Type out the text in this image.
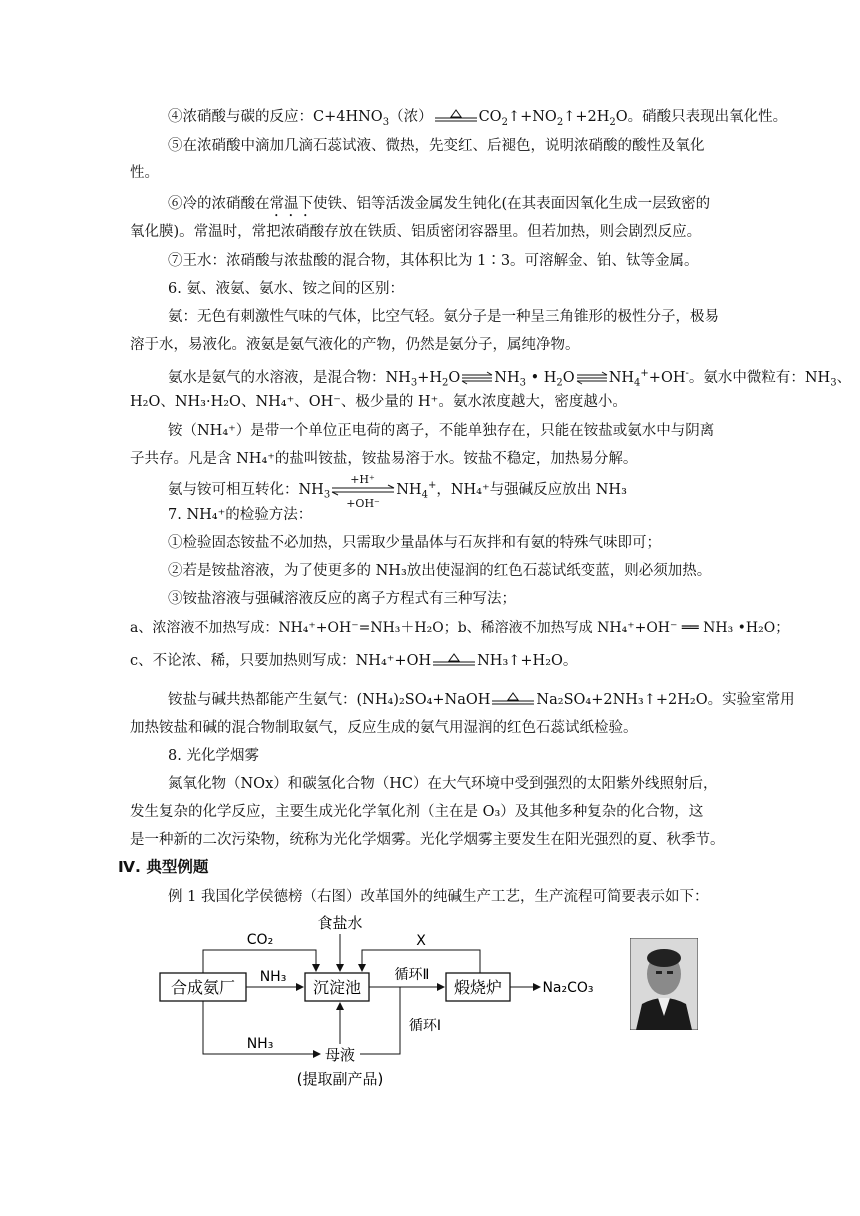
④浓硝酸与碳的反应：$C+4HNO_3$（浓）	$CO_2↑+NO_2↑+2H_2O$。硝酸只表现出氧化性。
⑤在浓硝酸中滴加几滴石蕊试液、微热，先变红、后褪色，说明浓硝酸的酸性及氧化
性。
⑥冷的浓硝酸在常温下使铁、铝等活泼金属发生钝化(在其表面因氧化生成一层致密的
氧化膜)。常温时，常把浓硝酸存放在铁质、铝质密闭容器里。但若加热，则会剧烈反应。
⑦王水：浓硝酸与浓盐酸的混合物，其体积比为 1∶3。可溶解金、铂、钛等金属。
6. 氨、液氨、氨水、铵之间的区别：
氨：无色有刺激性气味的气体，比空气轻。氨分子是一种呈三角锥形的极性分子，极易
溶于水，易液化。液氨是氨气液化的产物，仍然是氨分子，属纯净物。
氨水是氨气的水溶液，是混合物：$NH_3+H_2O$ $NH_3$ • $H_2O$ $NH_4^++OH^-$。氨水中微粒有：$NH_3$、
H₂O、NH₃·H₂O、NH₄⁺、OH⁻、极少量的 H⁺。氨水浓度越大，密度越小。
铵（NH₄⁺）是带一个单位正电荷的离子，不能单独存在，只能在铵盐或氨水中与阴离
子共存。凡是含 NH₄⁺的盐叫铵盐，铵盐易溶于水。铵盐不稳定，加热易分解。
氨与铵可相互转化：$NH_3$
+H⁺
+OH⁻
$NH_4^+$，NH₄⁺与强碱反应放出 NH₃
7. NH₄⁺的检验方法：
①检验固态铵盐不必加热，只需取少量晶体与石灰拌和有氨的特殊气味即可；
②若是铵盐溶液，为了使更多的 NH₃放出使湿润的红色石蕊试纸变蓝，则必须加热。
③铵盐溶液与强碱溶液反应的离子方程式有三种写法；
a、浓溶液不加热写成：NH₄⁺+OH⁻=NH₃＋H₂O；b、稀溶液不加热写成 NH₄⁺+OH⁻ ══ NH₃ •H₂O；
c、不论浓、稀，只要加热则写成：NH₄⁺+OH	NH₃↑+H₂O。
铵盐与碱共热都能产生氨气：(NH₄)₂SO₄+NaOH	Na₂SO₄+2NH₃↑+2H₂O。实验室常用
加热铵盐和碱的混合物制取氨气，反应生成的氨气用湿润的红色石蕊试纸检验。
8. 光化学烟雾
氮氧化物（NOx）和碳氢化合物（HC）在大气环境中受到强烈的太阳紫外线照射后，
发生复杂的化学反应，主要生成光化学氧化剂（主在是 O₃）及其他多种复杂的化合物，这
是一种新的二次污染物，统称为光化学烟雾。光化学烟雾主要发生在阳光强烈的夏、秋季节。
Ⅳ. 典型例题
例 1 我国化学侯德榜（右图）改革国外的纯碱生产工艺，生产流程可简要表示如下：
合成氨厂	沉淀池	煅烧炉
食盐水
CO₂
NH₃
X
循环Ⅱ
Na₂CO₃
NH₃
母液
(提取副产品)
循环Ⅰ
